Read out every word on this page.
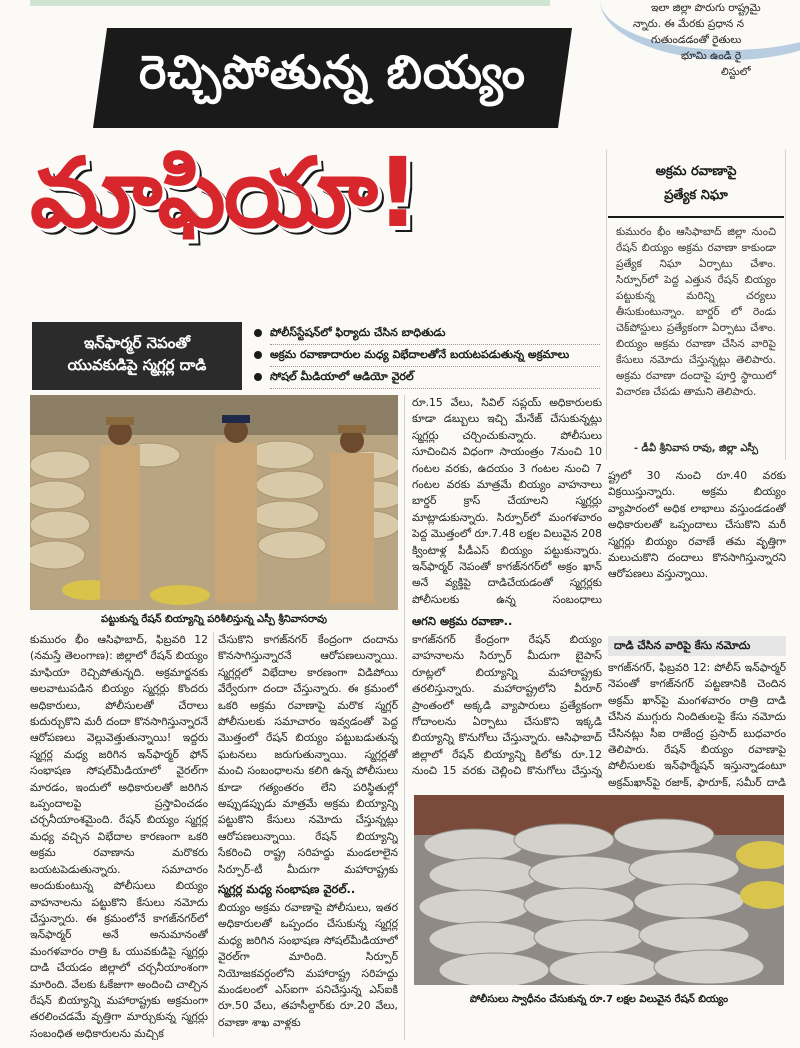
ఇలా జిల్లా పొరుగు రాష్ట్రమై
న్నారు. ఈ మేరకు ప్రధాన న
గుతుండడంతో రైతులు
భూమి ఉండి రై
లిస్టులో
రెచ్చిపోతున్న బియ్యం
మాఫియా!	అక్రమ రవాణాపై
ప్రత్యేక నిఘా
కుమురం భీం ఆసిఫాబాద్ జిల్లా నుంచి రేషన్ బియ్యం అక్రమ రవాణా కాకుండా ప్రత్యేక నిఘా ఏర్పాటు చేశాం. సిర్పూర్‌లో పెద్ద ఎత్తున రేషన్ బియ్యం పట్టుకున్న మరిన్ని చర్యలు తీసుకుంటున్నాం. బార్డర్ లో రెండు చెక్‌పోస్టులు ప్రత్యేకంగా ఏర్పాటు చేశాం. బియ్యం అక్రమ రవాణా చేసిన వారిపై కేసులు నమోదు చేస్తున్నట్లు తెలిపారు. అక్రమ రవాణా దందాపై పూర్తి స్థాయిలో విచారణ చేపడు తామని తెలిపారు.
- డీవీ శ్రీనివాస రావు, జిల్లా ఎస్పీ
ఇన్‌ఫార్మర్ నెపంతో
యువకుడిపై స్మగ్లర్ల దాడి
పోలీస్‌స్టేషన్‌లో ఫిర్యాదు చేసిన బాధితుడు
అక్రమ రవాణాదారుల మధ్య విభేదాలతోనే బయటపడుతున్న అక్రమాలు
సోషల్ మీడియాలో ఆడియో వైరల్
పట్టుకున్న రేషన్ బియ్యాన్ని పరిశీలిస్తున్న ఎస్పీ శ్రీనివాసరావు

కుమురం భీం ఆసిఫాబాద్, ఫిబ్రవరి 12 (నమస్తే తెలంగాణ): జిల్లాలో రేషన్ బియ్యం మాఫియా రెచ్చిపోతున్నది. అక్రమార్జనకు అలవాటుపడిన బియ్యం స్మగ్లర్లు కొందరు అధికారులు, పోలీసులతో చేరాలు కుదుర్చుకొని మరీ దందా కొనసాగిస్తున్నారనే ఆరోపణలు వెల్లువెత్తుతున్నాయి! ఇద్దరు స్మగ్లర్ల మధ్య జరిగిన ఇన్‌ఫార్మర్ ఫోన్ సంభాషణ సోషల్‌మీడియాలో వైరల్‌గా మారడం, ఇందులో అధికారులతో జరిగిన ఒప్పందాలపై ప్రస్తావించడం చర్చనీయాంశమైంది. రేషన్ బియ్యం స్మగ్లర్ల మధ్య వచ్చిన విభేదాల కారణంగా ఒకరి అక్రమ రవాణాను మరొకరు బయటపెడుతున్నారు. సమాచారం అందుకుంటున్న పోలీసులు బియ్యం వాహనాలను పట్టుకొని కేసులు నమోదు చేస్తున్నారు. ఈ క్రమంలోనే కాగజ్‌నగర్‌లో ఇన్‌ఫార్మర్ అనే అనుమానంతో మంగళవారం రాత్రి ఓ యువకుడిపై స్మగ్లర్లు దాడి చేయడం జిల్లాలో చర్చనీయాంశంగా మారింది. వేలకు ఓకేజుగా అందించి చాల్చిన రేషన్ బియ్యాన్ని మహారాష్ట్రకు అక్రమంగా తరలించడమే వృత్తిగా మార్చుకున్న స్మగ్లర్లు సంబంధిత అధికారులను మచ్చిక

చేసుకొని కాగజ్‌నగర్ కేంద్రంగా దందాను కొనసాగిస్తున్నారనే ఆరోపణలున్నాయి. స్మగ్లర్లలో విభేదాల కారణంగా విడిపోయి వేర్వేరుగా దందా చేస్తున్నారు. ఈ క్రమంలో ఒకరి అక్రమ రవాణాపై మరొక స్మగ్లర్ పోలీసులకు సమాచారం ఇవ్వడంతో పెద్ద మొత్తంలో రేషన్ బియ్యం పట్టుబడుతున్న ఘటనలు జరుగుతున్నాయి. స్మగ్లర్లతో మంచి సంబంధాలను కలిగి ఉన్న పోలీసులు కూడా గత్యంతరం లేని పరిస్థితుల్లో అప్పుడప్పుడు మాత్రమే అక్రమ బియ్యాన్ని పట్టుకొని కేసులు నమోదు చేస్తున్నట్లు ఆరోపణలున్నాయి. రేషన్ బియ్యాన్ని సేకరించి రాష్ట్ర సరిహద్దు మండలాలైన సిర్పూర్-టీ మీదుగా మహారాష్ట్రకు

స్మగ్లర్ల మధ్య సంభాషణ వైరల్..

బియ్యం అక్రమ రవాణాపై పోలీసులు, ఇతర అధికారులతో ఒప్పందం చేసుకున్న స్మగ్లర్ల మధ్య జరిగిన సంభాషణ సోషల్‌మీడియాలో వైరల్‌గా మారింది. సిర్పూర్ నియోజకవర్గంలోని మహారాష్ట్ర సరిహద్దు మండలంలో ఎస్‌ఐగా పనిచేస్తున్న ఎస్‌ఐకి రూ.50 వేలు, తహసీల్దార్‌కు రూ.20 వేలు, రవాణా శాఖ వాళ్లకు

రూ.15 వేలు, సివిల్ సప్లయ్ అధికారులకు కూడా డబ్బులు ఇచ్చి మేనేజ్ చేసుకున్నట్లు స్మగ్లర్లు చర్చించుకున్నారు. పోలీసులు సూచించిన విధంగా సాయంత్రం 7నుంచి 10 గంటల వరకు, ఉదయం 3 గంటల నుంచి 7 గంటల వరకు మాత్రమే బియ్యం వాహనాలు బార్డర్ క్రాస్ చేయాలని స్మగ్లర్లు మాట్లాడుకున్నారు. సిర్పూర్‌లో మంగళవారం పెద్ద మొత్తంలో రూ.7.48 లక్షల విలువైన 208 క్వింటాళ్ల పీడీఎస్ బియ్యం పట్టుకున్నారు. ఇన్‌ఫార్మర్ నెపంతో కాగజ్‌నగర్‌లో అక్రం ఖాన్ అనే వ్యక్తిపై దాడిచేయడంతో స్మగ్లర్లకు పోలీసులకు ఉన్న సంబంధాలు

ఆగని అక్రమ రవాణా..

కాగజ్‌నగర్ కేంద్రంగా రేషన్ బియ్యం వాహనాలను సిర్పూర్ మీదుగా బైపాస్ రూట్లలో బియ్యాన్ని మహారాష్ట్రకు తరలిస్తున్నారు. మహారాష్ట్రలోని వీరూర్ ప్రాంతంలో అక్కడి వ్యాపారులు ప్రత్యేకంగా గోదాంలను ఏర్పాటు చేసుకొని ఇక్కడి బియ్యాన్ని కొనుగోలు చేస్తున్నారు. ఆసిఫాబాద్ జిల్లాలో రేషన్ బియ్యాన్ని కిలోకు రూ.12 నుంచి 15 వరకు చెల్లించి కొనుగోలు చేస్తున్న

ష్ట్రలో 30 నుంచి రూ.40 వరకు విక్రయిస్తున్నారు. అక్రమ బియ్యం వ్యాపారంలో అధిక లాభాలు వస్తుండడంతో అధికారులతో ఒప్పందాలు చేసుకొని మరీ స్మగ్లర్లు బియ్యం రవాణే తమ వృత్తిగా మలుచుకొని దందాలు కొనసాగిస్తున్నారని ఆరోపణలు వస్తున్నాయి.

దాడి చేసిన వారిపై కేసు నమోదు

కాగజ్‌నగర్, ఫిబ్రవరి 12: పోలీస్ ఇన్‌ఫార్మర్ నెపంతో కాగజ్‌నగర్ పట్టణానికి చెందిన అక్రమ్ ఖాన్‌పై మంగళవారం రాత్రి దాడి చేసిన ముగ్గురు నిందితులపై కేసు నమోదు చేసినట్లు సీఐ రాజేంద్ర ప్రసాద్ బుధవారం తెలిపారు. రేషన్ బియ్యం రవాణాపై పోలీసులకు ఇన్‌ఫార్మేషన్ ఇస్తున్నాడంటూ అక్రమ్‌ఖాన్‌పై రజాక్, ఫారూక్, సమీర్ దాడి

పోలీసులు స్వాధీనం చేసుకున్న రూ.7 లక్షల విలువైన రేషన్ బియ్యం
